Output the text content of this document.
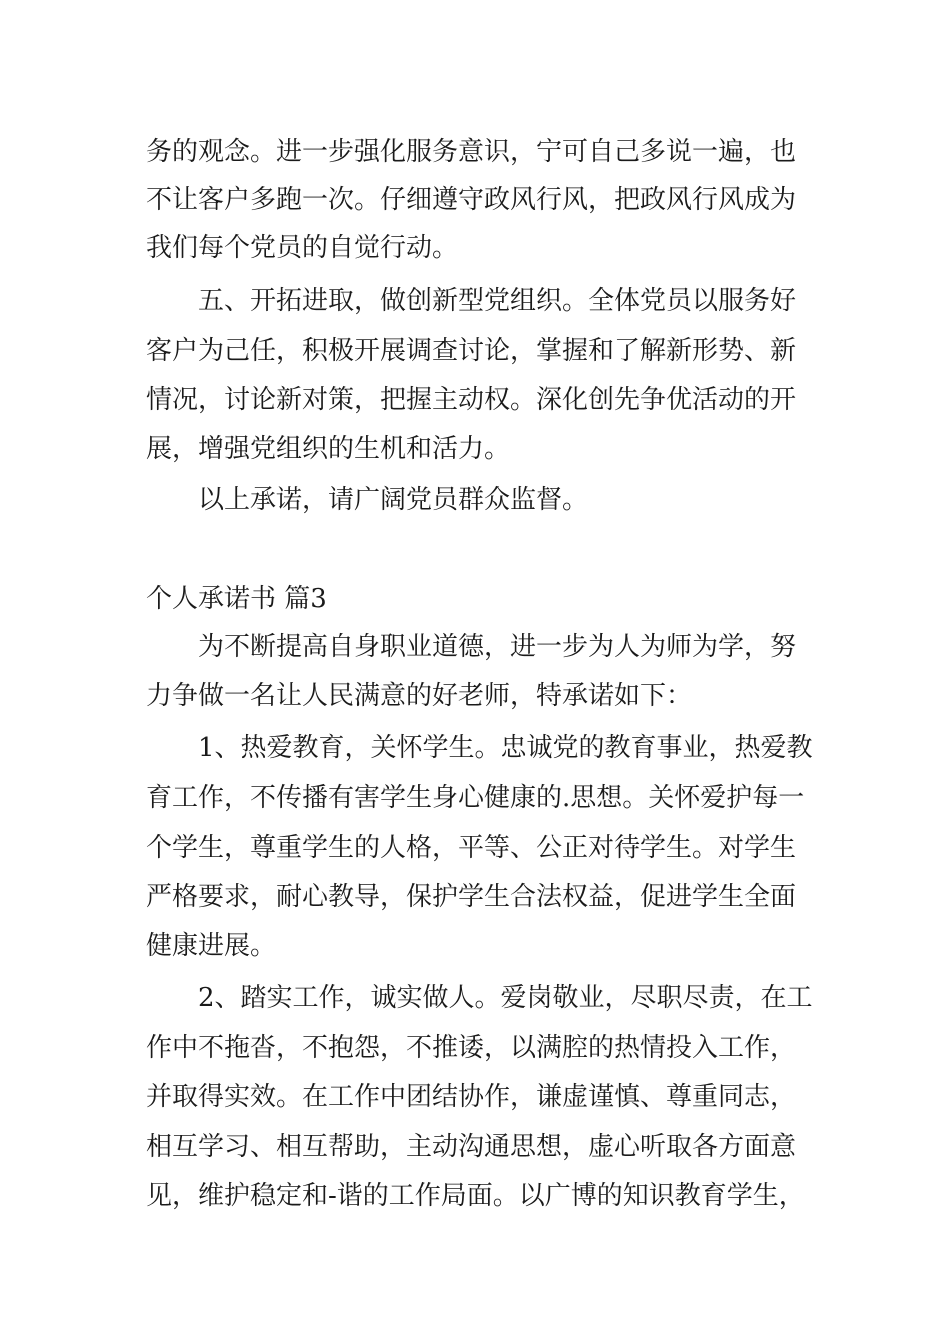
务的观念。进一步强化服务意识，宁可自己多说一遍，也
不让客户多跑一次。仔细遵守政风行风，把政风行风成为
我们每个党员的自觉行动。
五、开拓进取，做创新型党组织。全体党员以服务好
客户为己任，积极开展调查讨论，掌握和了解新形势、新
情况，讨论新对策，把握主动权。深化创先争优活动的开
展，增强党组织的生机和活力。
以上承诺，请广阔党员群众监督。
个人承诺书 篇3
为不断提高自身职业道德，进一步为人为师为学，努
力争做一名让人民满意的好老师，特承诺如下：
1、热爱教育，关怀学生。忠诚党的教育事业，热爱教
育工作，不传播有害学生身心健康的.思想。关怀爱护每一
个学生，尊重学生的人格，平等、公正对待学生。对学生
严格要求，耐心教导，保护学生合法权益，促进学生全面
健康进展。
2、踏实工作，诚实做人。爱岗敬业，尽职尽责，在工
作中不拖沓，不抱怨，不推诿，以满腔的热情投入工作，
并取得实效。在工作中团结协作，谦虚谨慎、尊重同志，
相互学习、相互帮助，主动沟通思想，虚心听取各方面意
见，维护稳定和-谐的工作局面。以广博的知识教育学生，
